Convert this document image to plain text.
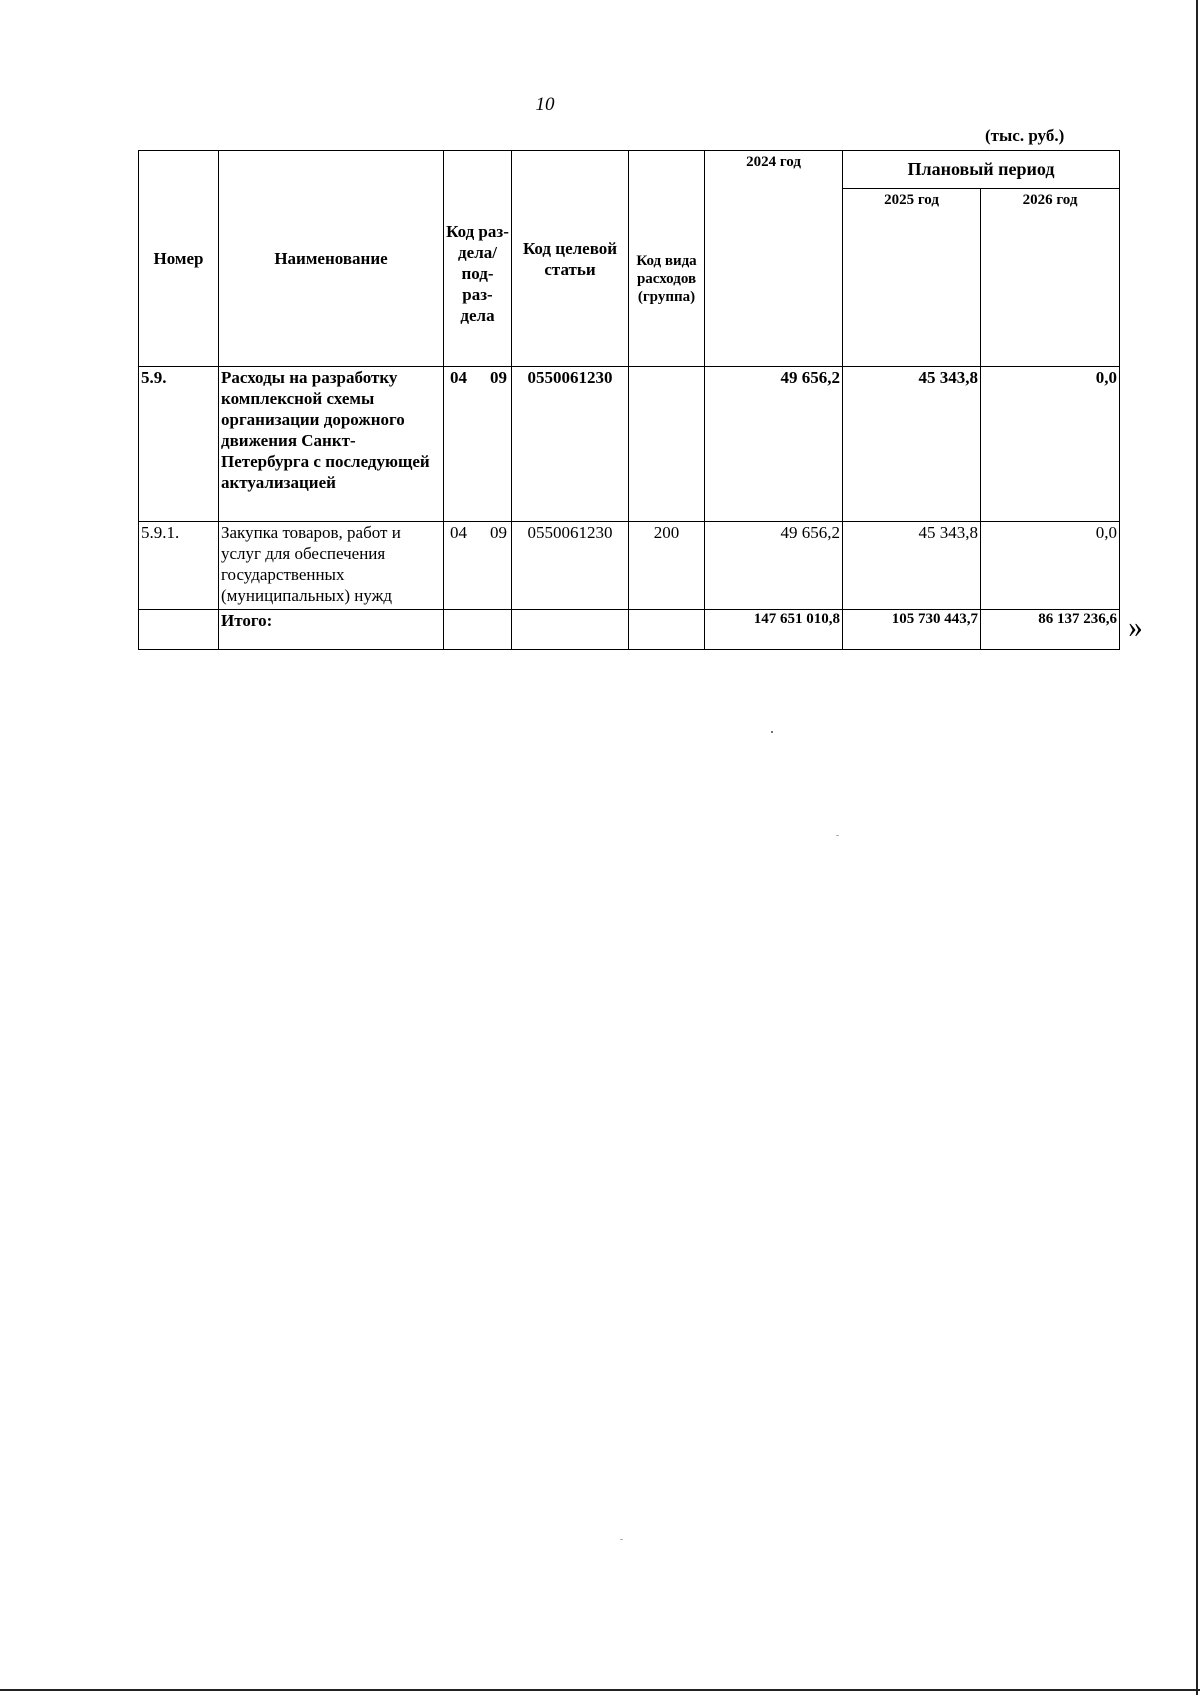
10
(тыс. руб.)
Номер	Наименование	Код раз- дела/ под- раз- дела	Код целевой статьи	Код вида расходов (группа)	2024 год	Плановый период	
						2025 год	2026 год
5.9.	Расходы на разработку комплексной схемы организации дорожного движения Санкт-Петербурга с последующей актуализацией	04 09	0550061230		49 656,2	45 343,8	0,0
5.9.1.	Закупка товаров, работ и услуг для обеспечения государственных (муниципальных) нужд	04 09	0550061230	200	49 656,2	45 343,8	0,0
	Итого:				147 651 010,8	105 730 443,7	86 137 236,6 »
